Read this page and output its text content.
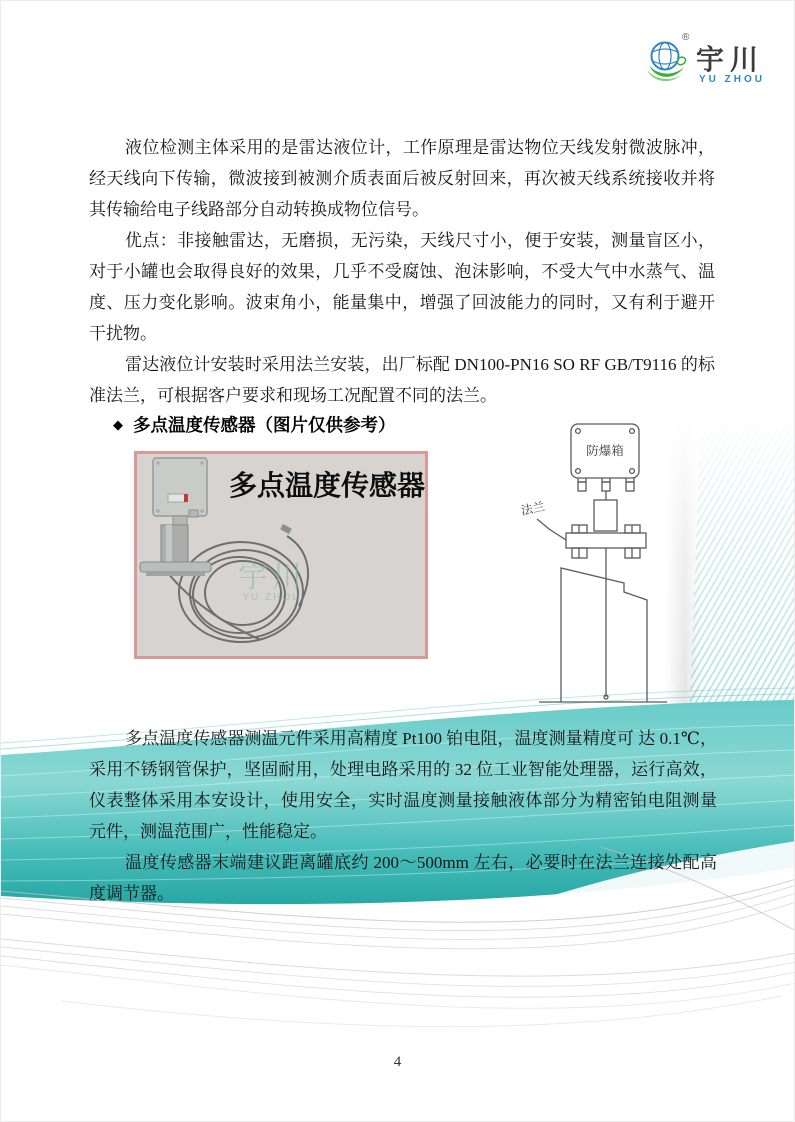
®
宇川
YU ZHOU

液位检测主体采用的是雷达液位计，工作原理是雷达物位天线发射微波脉冲， 经天线向下传输，微波接到被测介质表面后被反射回来，再次被天线系统接收并将其传输给电子线路部分自动转换成物位信号。

优点：非接触雷达，无磨损，无污染，天线尺寸小，便于安装，测量盲区小， 对于小罐也会取得良好的效果，几乎不受腐蚀、泡沫影响，不受大气中水蒸气、温度、压力变化影响。波束角小，能量集中，增强了回波能力的同时，又有利于避开干扰物。

雷达液位计安装时采用法兰安装，出厂标配 DN100-PN16 SO RF GB/T9116 的标准法兰，可根据客户要求和现场工况配置不同的法兰。

◆ 多点温度传感器（图片仅供参考）
宇川
YU ZHOU
多点温度传感器
防爆箱
法兰

多点温度传感器测温元件采用高精度 Pt100 铂电阻，温度测量精度可 达 0.1℃，采用不锈钢管保护，坚固耐用，处理电路采用的 32 位工业智能处理器，运行高效，仪表整体采用本安设计，使用安全，实时温度测量接触液体部分为精密铂电阻测量元件，测温范围广，性能稳定。

温度传感器末端建议距离罐底约 200～500mm 左右，必要时在法兰连接处配高度调节器。

4
